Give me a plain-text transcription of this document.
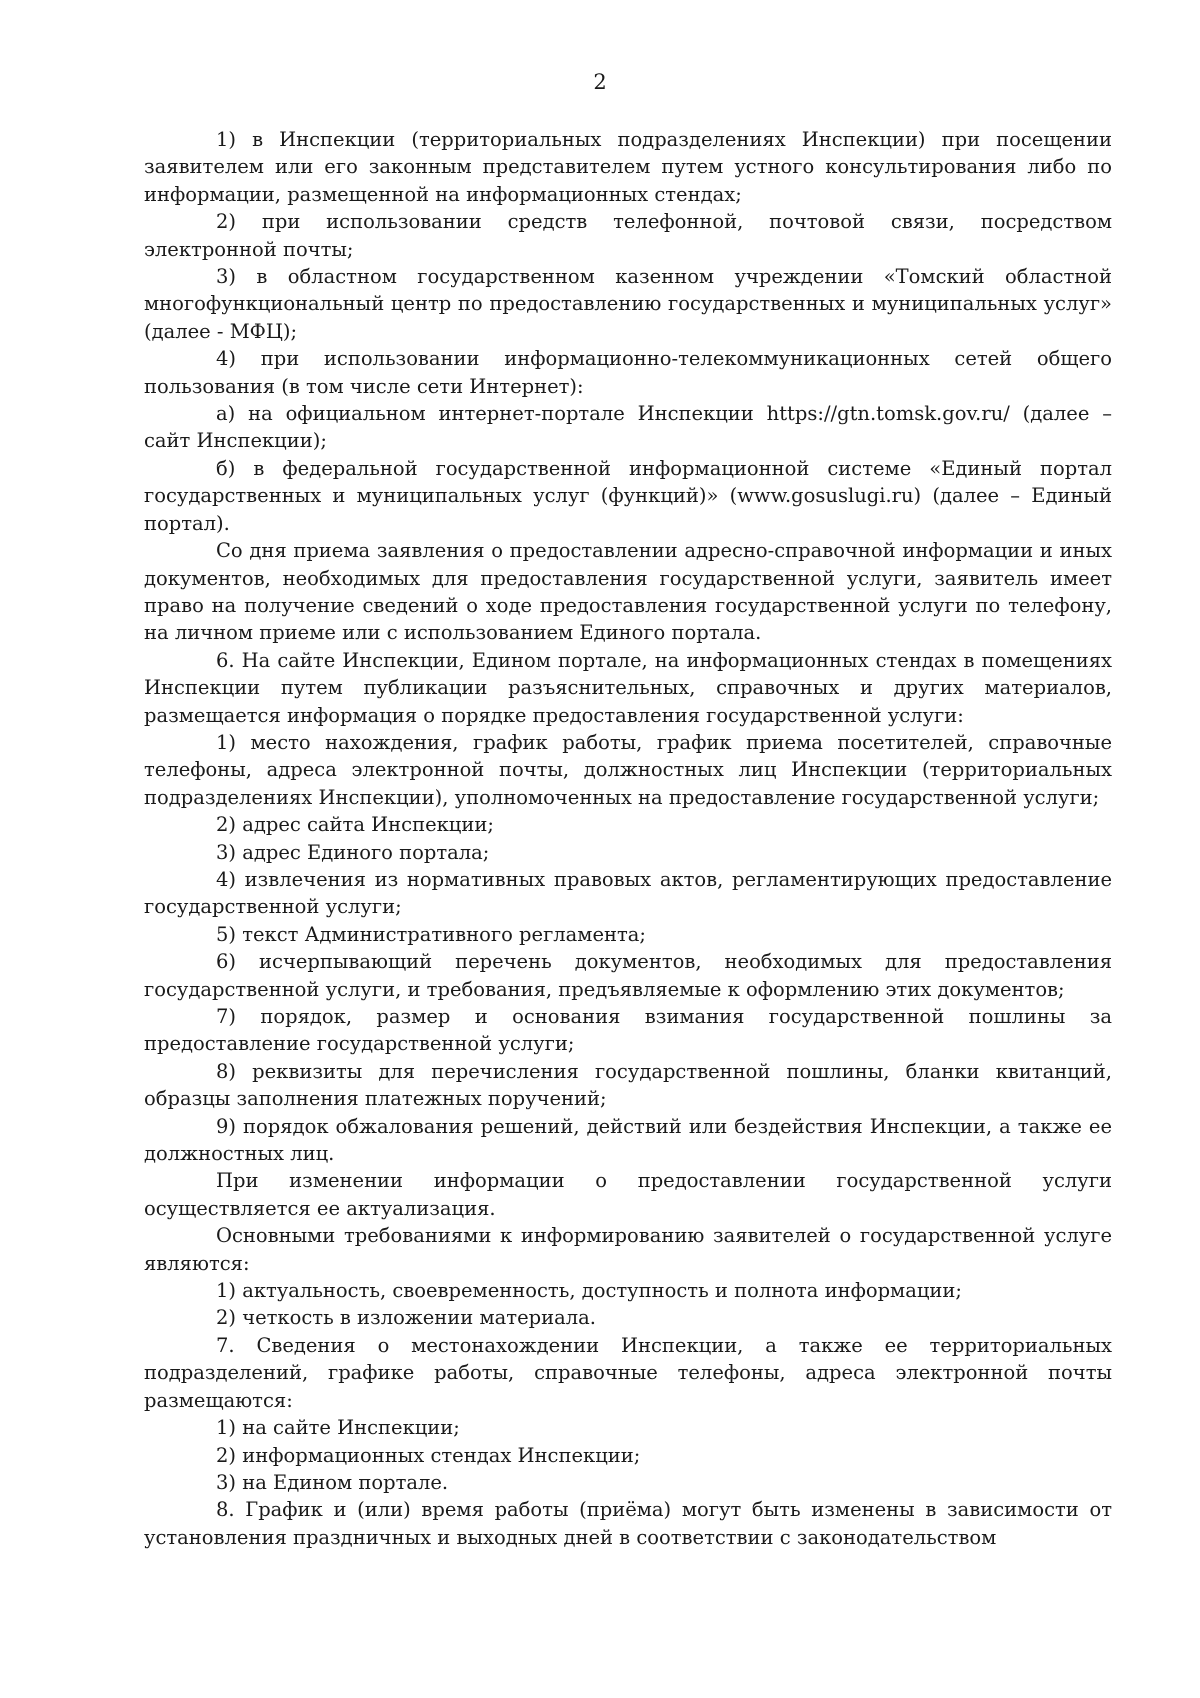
2

1) в Инспекции (территориальных подразделениях Инспекции) при посещении заявителем или его законным представителем путем устного консультирования либо по информации, размещенной на информационных стендах;

2) при использовании средств телефонной, почтовой связи, посредством электронной почты;

3) в областном государственном казенном учреждении «Томский областной многофункциональный центр по предоставлению государственных и муниципальных услуг» (далее - МФЦ);

4) при использовании информационно-телекоммуникационных сетей общего пользования (в том числе сети Интернет):

а) на официальном интернет-портале Инспекции https://gtn.tomsk.gov.ru/ (далее – сайт Инспекции);

б) в федеральной государственной информационной системе «Единый портал государственных и муниципальных услуг (функций)» (www.gosuslugi.ru) (далее – Единый портал).

Со дня приема заявления о предоставлении адресно-справочной информации и иных документов, необходимых для предоставления государственной услуги, заявитель имеет право на получение сведений о ходе предоставления государственной услуги по телефону, на личном приеме или с использованием Единого портала.

6. На сайте Инспекции, Едином портале, на информационных стендах в помещениях Инспекции путем публикации разъяснительных, справочных и других материалов, размещается информация о порядке предоставления государственной услуги:

1) место нахождения, график работы, график приема посетителей, справочные телефоны, адреса электронной почты, должностных лиц Инспекции (территориальных подразделениях Инспекции), уполномоченных на предоставление государственной услуги;

2) адрес сайта Инспекции;

3) адрес Единого портала;

4) извлечения из нормативных правовых актов, регламентирующих предоставление государственной услуги;

5) текст Административного регламента;

6) исчерпывающий перечень документов, необходимых для предоставления государственной услуги, и требования, предъявляемые к оформлению этих документов;

7) порядок, размер и основания взимания государственной пошлины за предоставление государственной услуги;

8) реквизиты для перечисления государственной пошлины, бланки квитанций, образцы заполнения платежных поручений;

9) порядок обжалования решений, действий или бездействия Инспекции, а также ее должностных лиц.

При изменении информации о предоставлении государственной услуги осуществляется ее актуализация.

Основными требованиями к информированию заявителей о государственной услуге являются:

1) актуальность, своевременность, доступность и полнота информации;

2) четкость в изложении материала.

7. Сведения о местонахождении Инспекции, а также ее территориальных подразделений, графике работы, справочные телефоны, адреса электронной почты размещаются:

1) на сайте Инспекции;

2) информационных стендах Инспекции;

3) на Едином портале.

8. График и (или) время работы (приёма) могут быть изменены в зависимости от установления праздничных и выходных дней в соответствии с законодательством
